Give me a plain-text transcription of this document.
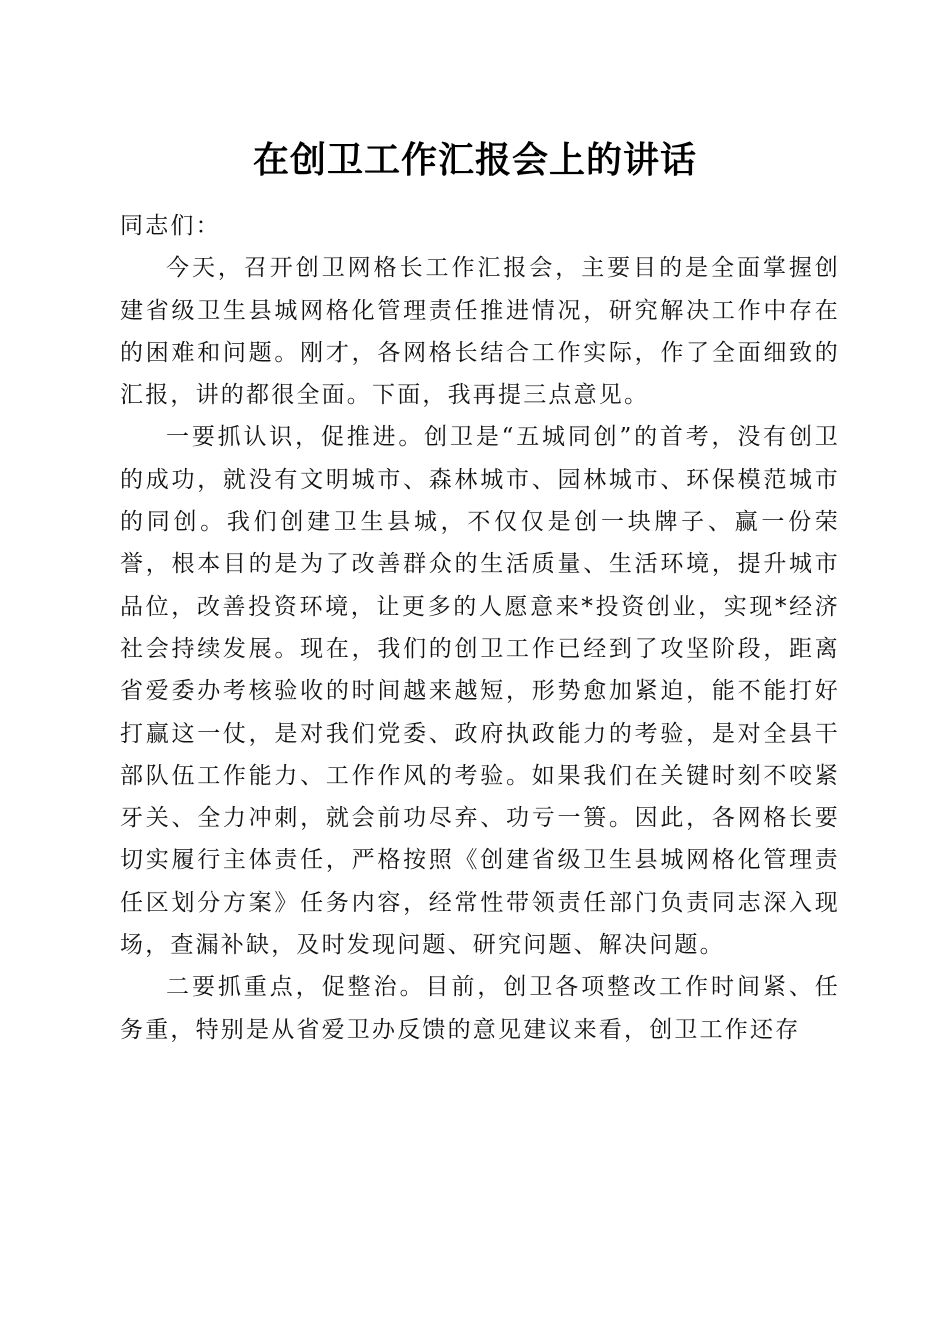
在创卫工作汇报会上的讲话

同志们：

今天，召开创卫网格长工作汇报会，主要目的是全面掌握创建省级卫生县城网格化管理责任推进情况，研究解决工作中存在的困难和问题。刚才，各网格长结合工作实际，作了全面细致的汇报，讲的都很全面。下面，我再提三点意见。

一要抓认识，促推进。创卫是“五城同创”的首考，没有创卫的成功，就没有文明城市、森林城市、园林城市、环保模范城市的同创。我们创建卫生县城，不仅仅是创一块牌子、赢一份荣誉，根本目的是为了改善群众的生活质量、生活环境，提升城市品位，改善投资环境，让更多的人愿意来*投资创业，实现*经济社会持续发展。现在，我们的创卫工作已经到了攻坚阶段，距离省爱委办考核验收的时间越来越短，形势愈加紧迫，能不能打好打赢这一仗，是对我们党委、政府执政能力的考验，是对全县干部队伍工作能力、工作作风的考验。如果我们在关键时刻不咬紧牙关、全力冲刺，就会前功尽弃、功亏一篑。因此，各网格长要切实履行主体责任，严格按照《创建省级卫生县城网格化管理责任区划分方案》任务内容，经常性带领责任部门负责同志深入现场，查漏补缺，及时发现问题、研究问题、解决问题。

二要抓重点，促整治。目前，创卫各项整改工作时间紧、任务重，特别是从省爱卫办反馈的意见建议来看，创卫工作还存
